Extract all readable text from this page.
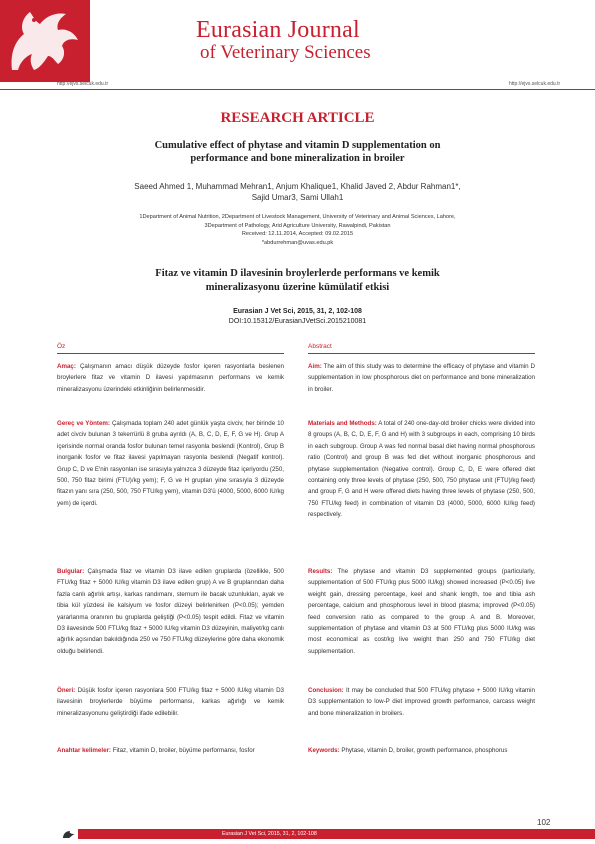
Eurasian Journal
of Veterinary Sciences
http://ejvs.selcuk.edu.tr	http://ejvs.selcuk.edu.tr
RESEARCH ARTICLE
Cumulative effect of phytase and vitamin D supplementation on
performance and bone mineralization in broiler
Saeed Ahmed 1, Muhammad Mehran1, Anjum Khalique1, Khalid Javed 2, Abdur Rahman1*,
Sajid Umar3, Sami Ullah1
1Department of Animal Nutrition, 2Department of Livestock Management, University of Veterinary and Animal Sciences, Lahore,
3Department of Pathology, Arid Agriculture University, Rawalpindi, Pakistan
Received: 12.11.2014, Accepted: 09.02.2015
*abdurrehman@uvas.edu.pk
Fitaz ve vitamin D ilavesinin broylerlerde performans ve kemik
mineralizasyonu üzerine kümülatif etkisi
Eurasian J Vet Sci, 2015, 31, 2, 102-108
DOI:10.15312/EurasianJVetSci.2015210081
Öz	Abstract
Amaç: Çalışmanın amacı düşük düzeyde fosfor içeren rasyonlarla beslenen broylerlere fitaz ve vitamin D ilavesi yapılmasının performans ve kemik mineralizasyonu üzerindeki etkinliğinin belirlenmesidir.
Gereç ve Yöntem: Çalışmada toplam 240 adet günlük yaşta civciv, her birinde 10 adet civciv bulunan 3 tekerrürlü 8 gruba ayrıldı (A, B, C, D, E, F, G ve H). Grup A içerisinde normal oranda fosfor bulunan temel rasyonla beslendi (Kontrol), Grup B inorganik fosfor ve fitaz ilavesi yapılmayan rasyonla beslendi (Negatif kontrol). Grup C, D ve E'nin rasyonları ise sırasıyla yalnızca 3 düzeyde fitaz içeriyordu (250, 500, 750 fitaz birimi (FTU)/kg yem); F, G ve H grupları yine sırasıyla 3 düzeyde fitazın yanı sıra (250, 500, 750 FTU/kg yem), vitamin D3'ü (4000, 5000, 6000 IU/kg yem) de içerdi.
Bulgular: Çalışmada fitaz ve vitamin D3 ilave edilen gruplarda (özellikle, 500 FTU/kg fitaz + 5000 IU/kg vitamin D3 ilave edilen grup) A ve B gruplarından daha fazla canlı ağırlık artışı, karkas randımanı, sternum ile bacak uzunlukları, ayak ve tibia kül yüzdesi ile kalsiyum ve fosfor düzeyi belirlenirken (P<0.05); yemden yararlanma oranının bu gruplarda geliştiği (P<0.05) tespit edildi. Fitaz ve vitamin D3 ilavesinde 500 FTU/kg fitaz + 5000 IU/kg vitamin D3 düzeyinin, maliyet/kg canlı ağırlık açısından bakıldığında 250 ve 750 FTU/kg düzeylerine göre daha ekonomik olduğu belirlendi.
Öneri: Düşük fosfor içeren rasyonlara 500 FTU/kg fitaz + 5000 IU/kg vitamin D3 ilavesinin broylerlerde büyüme performansı, karkas ağırlığı ve kemik mineralizasyonunu geliştirdiği ifade edilebilir.
Anahtar kelimeler: Fitaz, vitamin D, broiler, büyüme performansı, fosfor
Aim: The aim of this study was to determine the efficacy of phytase and vitamin D supplementation in low phosphorous diet on performance and bone mineralization in broiler.
Materials and Methods: A total of 240 one-day-old broiler chicks were divided into 8 groups (A, B, C, D, E, F, G and H) with 3 subgroups in each, comprising 10 birds in each subgroup. Group A was fed normal basal diet having normal phosphorous ratio (Control) and group B was fed diet without inorganic phosphorous and phytase supplementation (Negative control). Group C, D, E were offered diet containing only three levels of phytase (250, 500, 750 phytase unit (FTU)/kg feed) and group F, G and H were offered diets having three levels of phytase (250, 500, 750 FTU/kg feed) in combination of vitamin D3 (4000, 5000, 6000 IU/kg feed) respectively.
Results: The phytase and vitamin D3 supplemented groups (particularly, supplementation of 500 FTU/kg plus 5000 IU/kg) showed increased (P<0.05) live weight gain, dressing percentage, keel and shank length, toe and tibia ash percentage, calcium and phosphorous level in blood plasma; improved (P<0.05) feed conversion ratio as compared to the group A and B. Moreover, supplementation of phytase and vitamin D3 at 500 FTU/kg plus 5000 IU/kg was most economical as cost/kg live weight than 250 and 750 FTU/kg diet supplementation.
Conclusion: It may be concluded that 500 FTU/kg phytase + 5000 IU/kg vitamin D3 supplementation to low-P diet improved growth performance, carcass weight and bone mineralization in broilers.
Keywords: Phytase, vitamin D, broiler, growth performance, phosphorus
102
Eurasian J Vet Sci, 2015, 31, 2, 102-108
